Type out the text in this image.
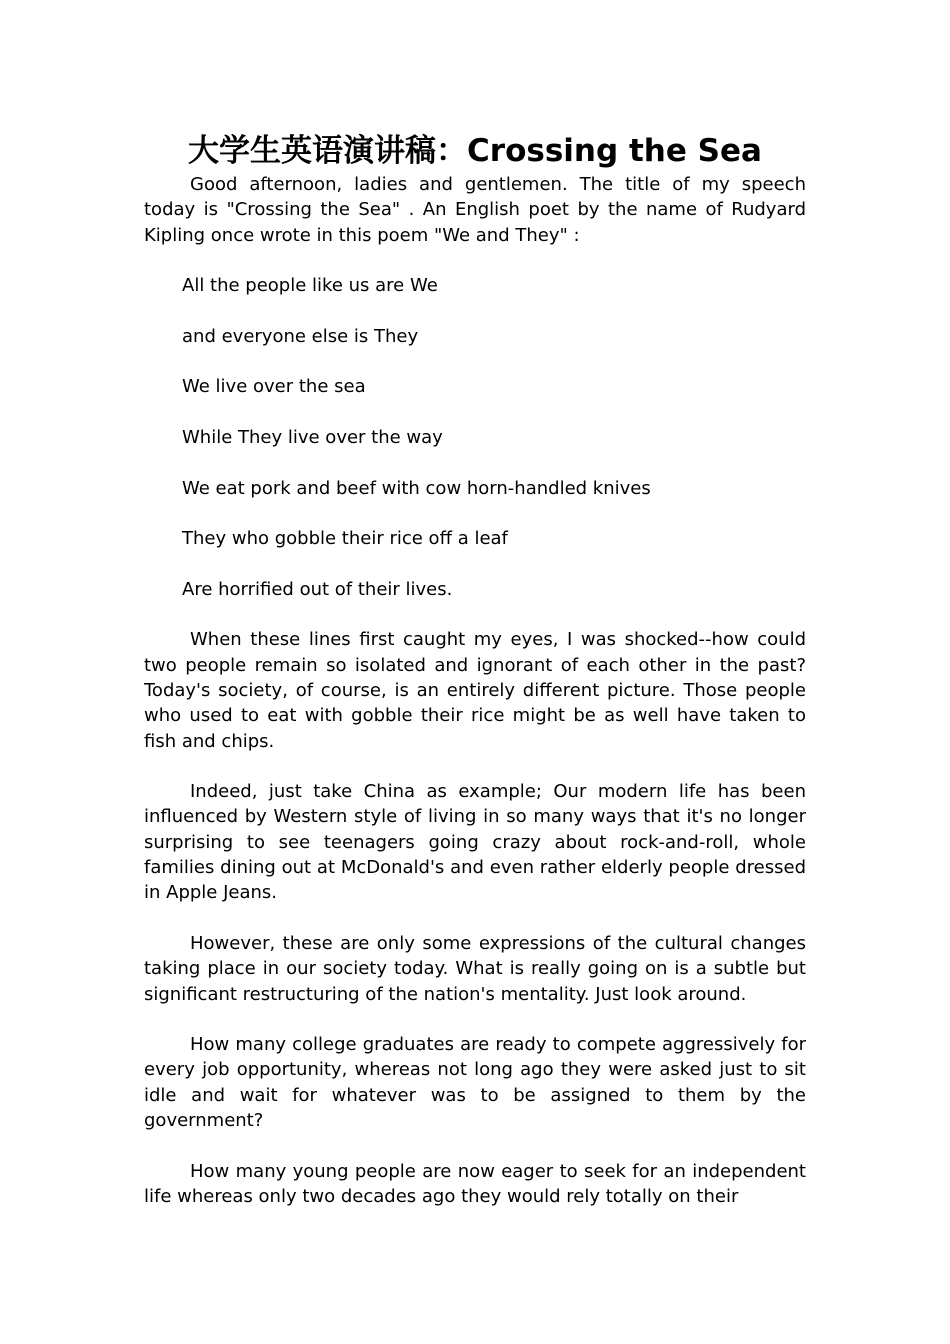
大学生英语演讲稿：Crossing the Sea

Good afternoon, ladies and gentlemen. The title of my speech today is "Crossing the Sea" . An English poet by the name of Rudyard Kipling once wrote in this poem "We and They" :

All the people like us are We

and everyone else is They

We live over the sea

While They live over the way

We eat pork and beef with cow horn-handled knives

They who gobble their rice off a leaf

Are horrified out of their lives.

When these lines first caught my eyes, I was shocked--how could two people remain so isolated and ignorant of each other in the past? Today's society, of course, is an entirely different picture. Those people who used to eat with gobble their rice might be as well have taken to fish and chips.

Indeed, just take China as example; Our modern life has been influenced by Western style of living in so many ways that it's no longer surprising to see teenagers going crazy about rock-and-roll, whole families dining out at McDonald's and even rather elderly people dressed in Apple Jeans.

However, these are only some expressions of the cultural changes taking place in our society today. What is really going on is a subtle but significant restructuring of the nation's mentality. Just look around.

How many college graduates are ready to compete aggressively for every job opportunity, whereas not long ago they were asked just to sit idle and wait for whatever was to be assigned to them by the government?

How many young people are now eager to seek for an independent life whereas only two decades ago they would rely totally on their
